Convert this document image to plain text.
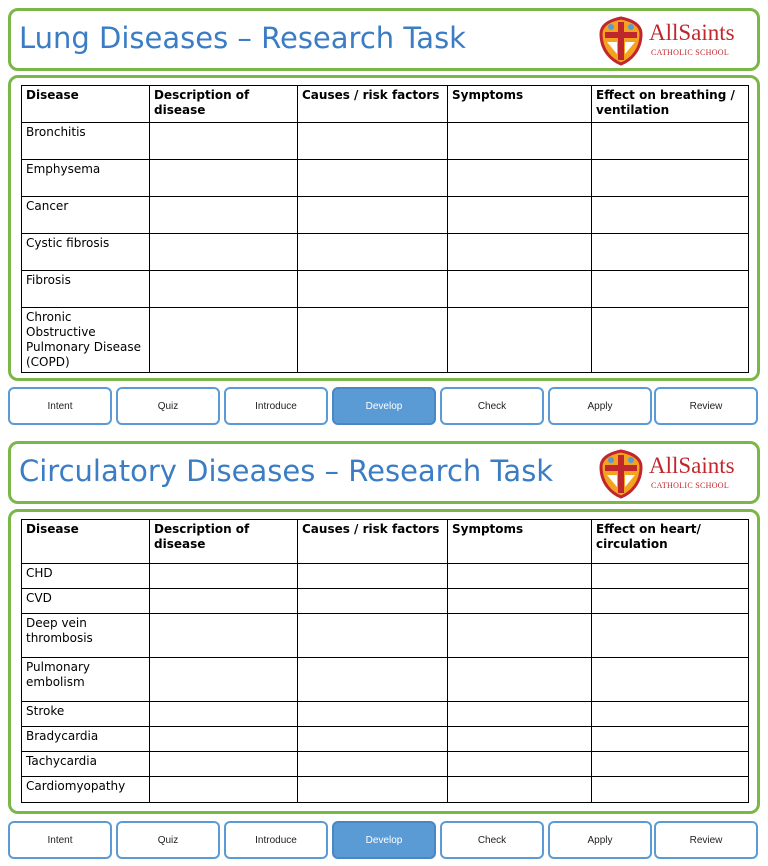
Lung Diseases – Research Task	AllSaints
CATHOLIC SCHOOL
Disease	Description of disease	Causes / risk factors	Symptoms	Effect on breathing / ventilation
Bronchitis				
Emphysema				
Cancer				
Cystic fibrosis				
Fibrosis				
Chronic Obstructive Pulmonary Disease (COPD)				
Intent	Quiz	Introduce	Develop	Check	Apply	Review
Circulatory Diseases – Research Task	AllSaints
CATHOLIC SCHOOL
Disease	Description of disease	Causes / risk factors	Symptoms	Effect on heart/ circulation
CHD				
CVD				
Deep vein thrombosis				
Pulmonary embolism				
Stroke				
Bradycardia				
Tachycardia				
Cardiomyopathy				
Intent	Quiz	Introduce	Develop	Check	Apply	Review
